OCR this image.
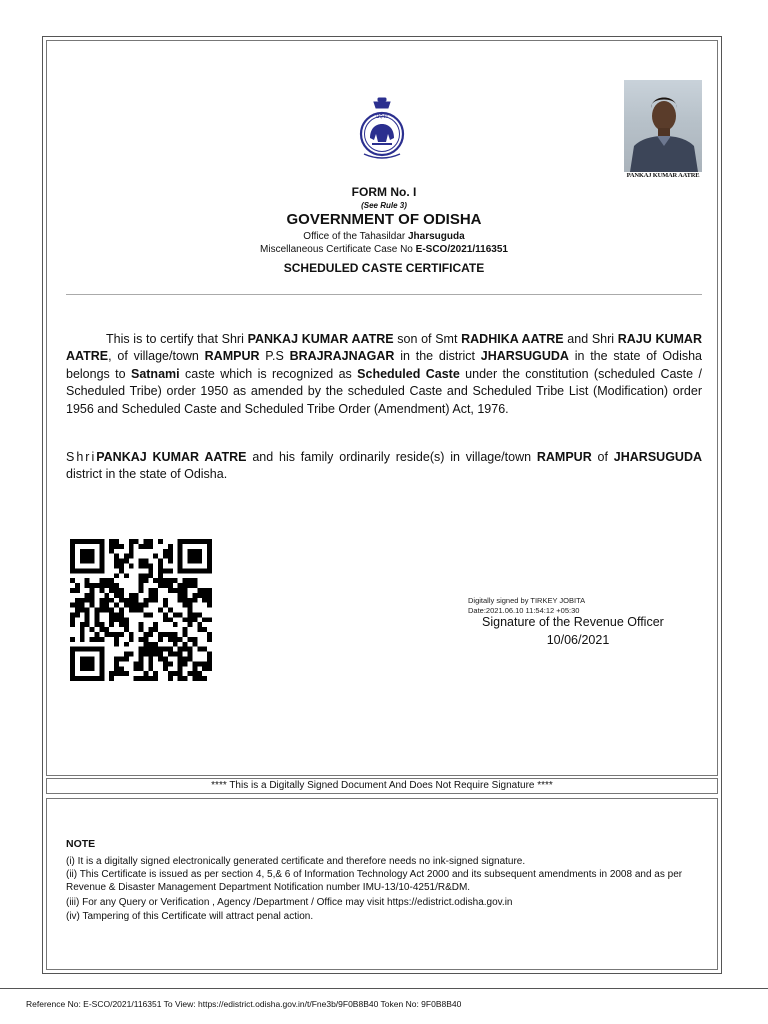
ଓଡ଼ିଶା
PANKAJ KUMAR AATRE
FORM No. I
(See Rule 3)
GOVERNMENT OF ODISHA
Office of the Tahasildar Jharsuguda
Miscellaneous Certificate Case No E-SCO/2021/116351
SCHEDULED CASTE CERTIFICATE
This is to certify that Shri PANKAJ KUMAR AATRE son of Smt RADHIKA AATRE and Shri RAJU KUMAR AATRE, of village/town RAMPUR P.S BRAJRAJNAGAR in the district JHARSUGUDA in the state of Odisha belongs to Satnami caste which is recognized as Scheduled Caste under the constitution (scheduled Caste / Scheduled Tribe) order 1950 as amended by the scheduled Caste and Scheduled Tribe List (Modification) order 1956 and Scheduled Caste and Scheduled Tribe Order (Amendment) Act, 1976.
ShriPANKAJ KUMAR AATRE and his family ordinarily reside(s) in village/town RAMPUR of JHARSUGUDA district in the state of Odisha.
Digitally signed by TIRKEY JOBITA
Date:2021.06.10 11:54:12 +05:30
Signature of the Revenue Officer
10/06/2021
**** This is a Digitally Signed Document And Does Not Require Signature ****
NOTE
(i) It is a digitally signed electronically generated certificate and therefore needs no ink-signed signature.
(ii) This Certificate is issued as per section 4, 5,& 6 of Information Technology Act 2000 and its subsequent amendments in 2008 and as per Revenue & Disaster Management Department Notification number IMU-13/10-4251/R&DM.
(iii) For any Query or Verification , Agency /Department / Office may visit https://edistrict.odisha.gov.in
(iv) Tampering of this Certificate will attract penal action.
Reference No: E-SCO/2021/116351 To View: https://edistrict.odisha.gov.in/t/Fne3b/9F0B8B40 Token No: 9F0B8B40
